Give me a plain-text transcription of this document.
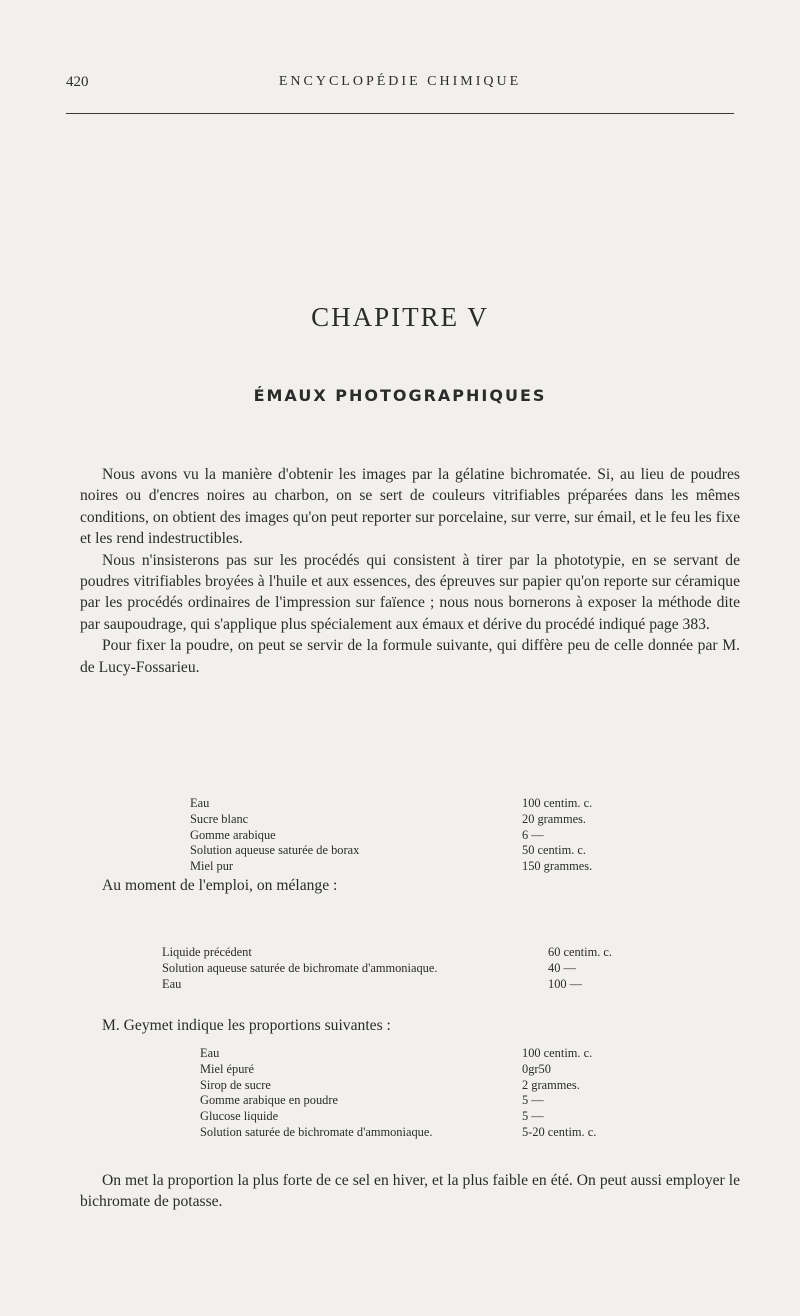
420	ENCYCLOPÉDIE CHIMIQUE
CHAPITRE V
ÉMAUX PHOTOGRAPHIQUES

Nous avons vu la manière d'obtenir les images par la gélatine bichromatée. Si, au lieu de poudres noires ou d'encres noires au charbon, on se sert de couleurs vitrifiables préparées dans les mêmes conditions, on obtient des images qu'on peut reporter sur porcelaine, sur verre, sur émail, et le feu les fixe et les rend indestructibles.

Nous n'insisterons pas sur les procédés qui consistent à tirer par la phototypie, en se servant de poudres vitrifiables broyées à l'huile et aux essences, des épreuves sur papier qu'on reporte sur céramique par les procédés ordinaires de l'impression sur faïence ; nous nous bornerons à exposer la méthode dite par saupoudrage, qui s'applique plus spécialement aux émaux et dérive du procédé indiqué page 383.

Pour fixer la poudre, on peut se servir de la formule suivante, qui diffère peu de celle donnée par M. de Lucy-Fossarieu.

Eau	100 centim. c.
Sucre blanc	20 grammes.
Gomme arabique	6 —
Solution aqueuse saturée de borax	50 centim. c.
Miel pur	150 grammes.

Au moment de l'emploi, on mélange :

Liquide précédent	60 centim. c.
Solution aqueuse saturée de bichromate d'ammoniaque.	40 —
Eau	100 —

M. Geymet indique les proportions suivantes :

Eau	100 centim. c.
Miel épuré	0gr50
Sirop de sucre	2 grammes.
Gomme arabique en poudre	5 —
Glucose liquide	5 —
Solution saturée de bichromate d'ammoniaque.	5-20 centim. c.

On met la proportion la plus forte de ce sel en hiver, et la plus faible en été. On peut aussi employer le bichromate de potasse.
